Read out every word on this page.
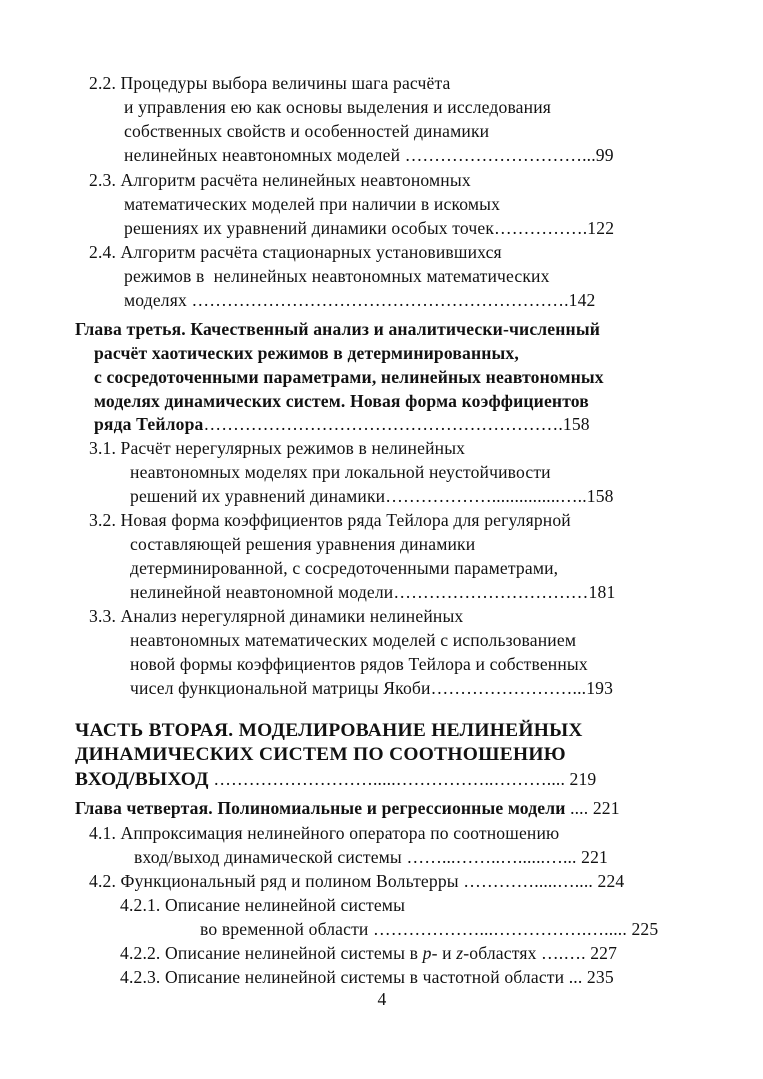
2.2. Процедуры выбора величины шага расчёта
и управления ею как основы выделения и исследования
собственных свойств и особенностей динамики
нелинейных неавтономных моделей …………………………...99
2.3. Алгоритм расчёта нелинейных неавтономных
математических моделей при наличии в искомых
решениях их уравнений динамики особых точек…………….122
2.4. Алгоритм расчёта стационарных установившихся
режимов в  нелинейных неавтономных математических
моделях ……………………………………………………….142
Глава третья. Качественный анализ и аналитически-численный
расчёт хаотических режимов в детерминированных,
с сосредоточенными параметрами, нелинейных неавтономных
моделях динамических систем. Новая форма коэффициентов
ряда Тейлора…………………………………………………….158
3.1. Расчёт нерегулярных режимов в нелинейных
неавтономных моделях при локальной неустойчивости
решений их уравнений динамики………………...............…..158
3.2. Новая форма коэффициентов ряда Тейлора для регулярной
составляющей решения уравнения динамики
детерминированной, с сосредоточенными параметрами,
нелинейной неавтономной модели……………………………181
3.3. Анализ нерегулярной динамики нелинейных
неавтономных математических моделей с использованием
новой формы коэффициентов рядов Тейлора и собственных
чисел функциональной матрицы Якоби……………………...193
ЧАСТЬ ВТОРАЯ. МОДЕЛИРОВАНИЕ НЕЛИНЕЙНЫХ
ДИНАМИЧЕСКИХ СИСТЕМ ПО СООТНОШЕНИЮ
ВХОД/ВЫХОД ……………………….....……………..……….... 219
Глава четвертая. Полиномиальные и регрессионные модели .... 221
4.1. Аппроксимация нелинейного оператора по соотношению
вход/выход динамической системы ……...……..…......…... 221
4.2. Функциональный ряд и полином Вольтерры ………….....….... 224
4.2.1. Описание нелинейной системы
во временной области ………………...…………….…..... 225
4.2.2. Описание нелинейной системы в p- и z-областях ….…. 227
4.2.3. Описание нелинейной системы в частотной области ... 235
4
